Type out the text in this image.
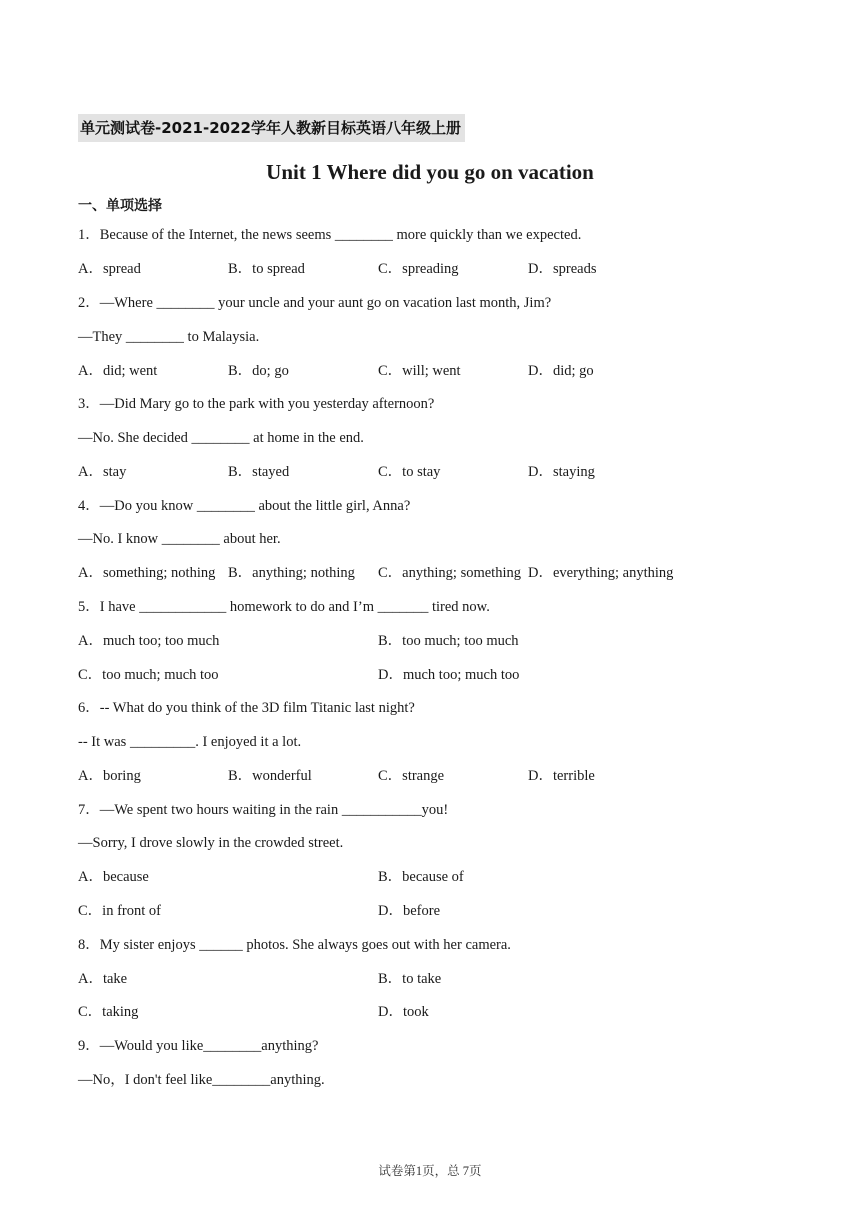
单元测试卷-2021-2022学年人教新目标英语八年级上册
Unit 1 Where did you go on vacation
一、单项选择
1．Because of the Internet, the news seems ________ more quickly than we expected.
A．spread	B．to spread	C．spreading	D．spreads
2．—Where ________ your uncle and your aunt go on vacation last month, Jim?
—They ________ to Malaysia.
A．did; went	B．do; go	C．will; went	D．did; go
3．—Did Mary go to the park with you yesterday afternoon?
—No. She decided ________ at home in the end.
A．stay	B．stayed	C．to stay	D．staying
4．—Do you know ________ about the little girl, Anna?
—No. I know ________ about her.
A．something; nothing B．anything; nothing C．anything; something D．everything; anything
5．I have ____________ homework to do and I’m _______ tired now.
A．much too; too much	B．too much; too much
C．too much; much too	D．much too; much too
6．-- What do you think of the 3D film Titanic last night?
-- It was _________. I enjoyed it a lot.
A．boring	B．wonderful	C．strange	D．terrible
7．—We spent two hours waiting in the rain ___________you!
—Sorry, I drove slowly in the crowded street.
A．because	B．because of
C．in front of	D．before
8．My sister enjoys ______ photos. She always goes out with her camera.
A．take	B．to take
C．taking	D．took
9．—Would you like________anything?
—No，I don't feel like________anything.
试卷第1页，总 7页
